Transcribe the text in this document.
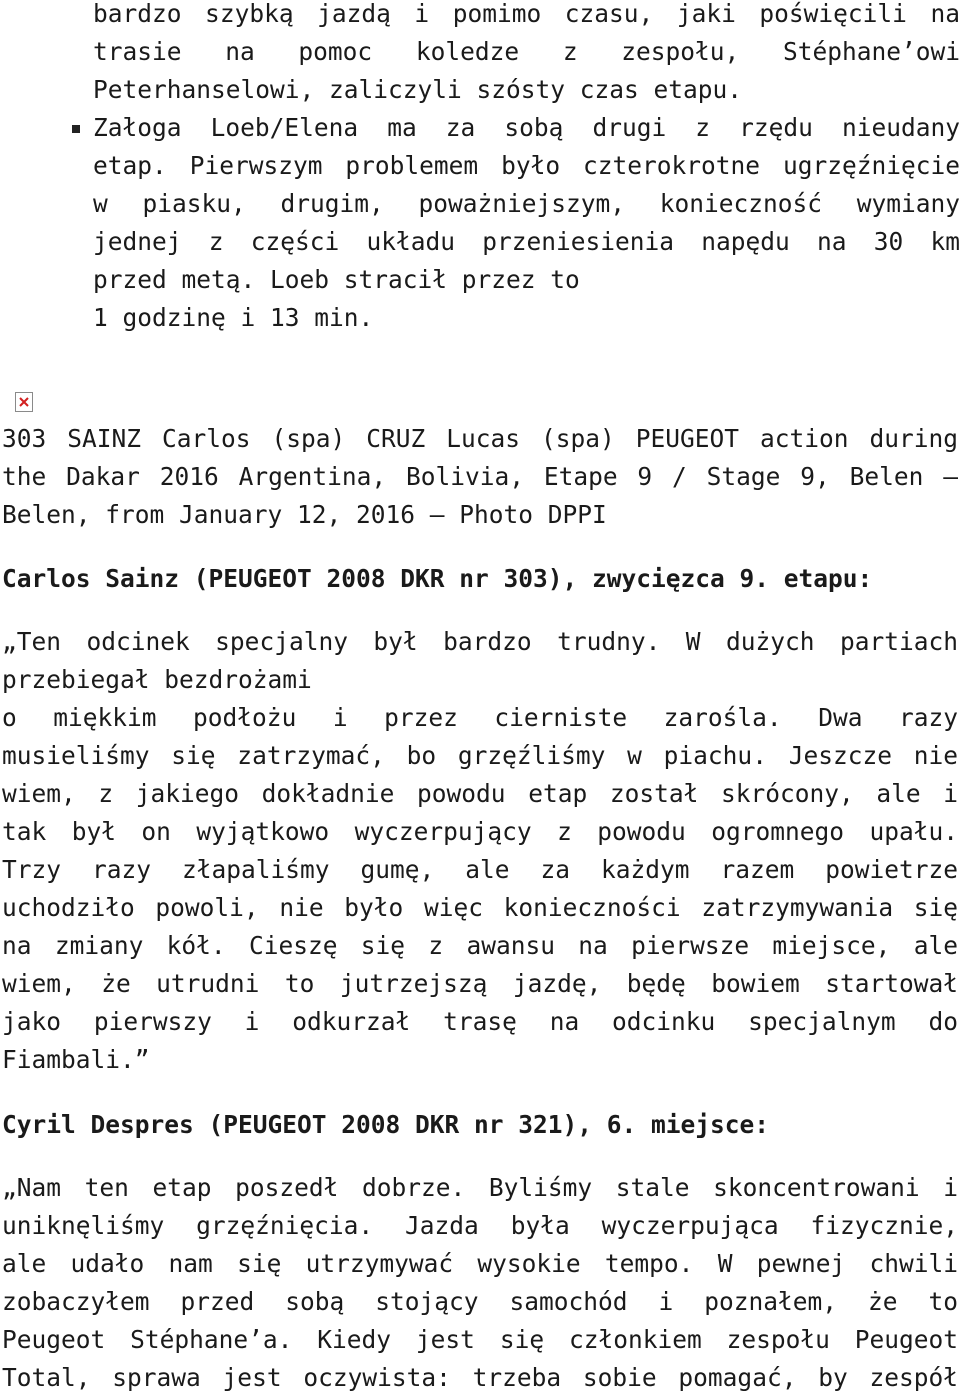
bardzo szybką jazdą i pomimo czasu, jaki poświęcili na
trasie na pomoc koledze z zespołu, Stéphane’owi
Peterhanselowi, zaliczyli szósty czas etapu.
Załoga Loeb/Elena ma za sobą drugi z rzędu nieudany
etap. Pierwszym problemem było czterokrotne ugrzęźnięcie
w piasku, drugim, poważniejszym, konieczność wymiany
jednej z części układu przeniesienia napędu na 30 km
przed metą. Loeb stracił przez to
1 godzinę i 13 min.
303 SAINZ Carlos (spa) CRUZ Lucas (spa) PEUGEOT action during
the Dakar 2016 Argentina, Bolivia, Etape 9 / Stage 9, Belen –
Belen, from January 12, 2016 – Photo DPPI
Carlos Sainz (PEUGEOT 2008 DKR nr 303), zwycięzca 9. etapu:
„Ten odcinek specjalny był bardzo trudny. W dużych partiach
przebiegał bezdrożami
o miękkim podłożu i przez cierniste zarośla. Dwa razy
musieliśmy się zatrzymać, bo grzęźliśmy w piachu. Jeszcze nie
wiem, z jakiego dokładnie powodu etap został skrócony, ale i
tak był on wyjątkowo wyczerpujący z powodu ogromnego upału.
Trzy razy złapaliśmy gumę, ale za każdym razem powietrze
uchodziło powoli, nie było więc konieczności zatrzymywania się
na zmiany kół. Cieszę się z awansu na pierwsze miejsce, ale
wiem, że utrudni to jutrzejszą jazdę, będę bowiem startował
jako pierwszy i odkurzał trasę na odcinku specjalnym do
Fiambali.”
Cyril Despres (PEUGEOT 2008 DKR nr 321), 6. miejsce:
„Nam ten etap poszedł dobrze. Byliśmy stale skoncentrowani i
uniknęliśmy grzęźnięcia. Jazda była wyczerpująca fizycznie,
ale udało nam się utrzymywać wysokie tempo. W pewnej chwili
zobaczyłem przed sobą stojący samochód i poznałem, że to
Peugeot Stéphane’a. Kiedy jest się członkiem zespołu Peugeot
Total, sprawa jest oczywista: trzeba sobie pomagać, by zespół
